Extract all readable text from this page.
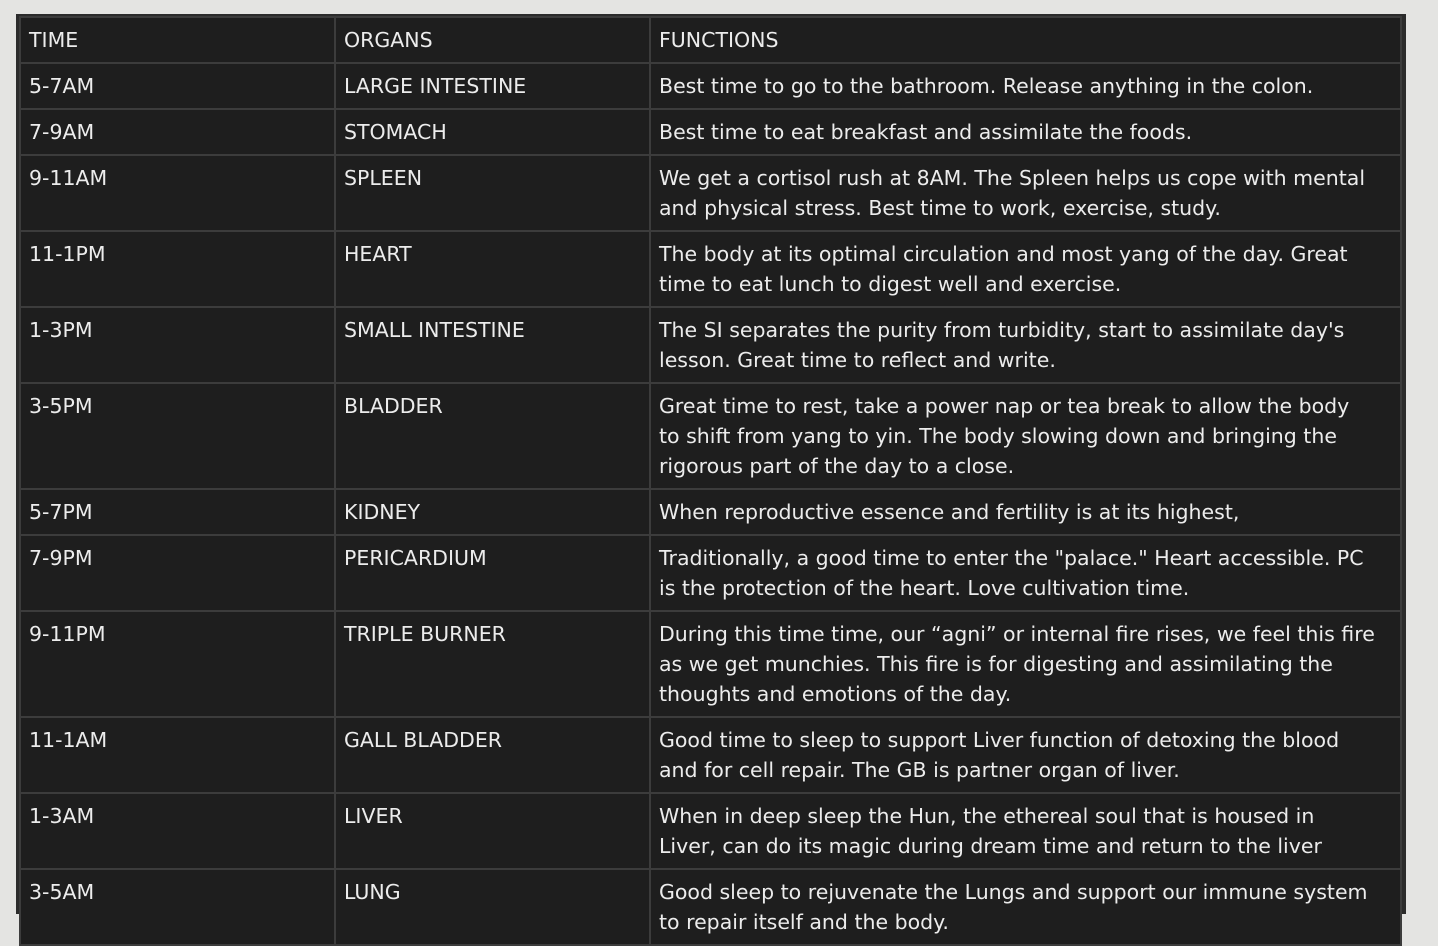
TIME	ORGANS	FUNCTIONS
5-7AM	LARGE INTESTINE	Best time to go to the bathroom. Release anything in the colon.
7-9AM	STOMACH	Best time to eat breakfast and assimilate the foods.
9-11AM	SPLEEN	We get a cortisol rush at 8AM. The Spleen helps us cope with mental
and physical stress. Best time to work, exercise, study.
11-1PM	HEART	The body at its optimal circulation and most yang of the day. Great
time to eat lunch to digest well and exercise.
1-3PM	SMALL INTESTINE	The SI separates the purity from turbidity, start to assimilate day's
lesson. Great time to reflect and write.
3-5PM	BLADDER	Great time to rest, take a power nap or tea break to allow the body
to shift from yang to yin. The body slowing down and bringing the
rigorous part of the day to a close.
5-7PM	KIDNEY	When reproductive essence and fertility is at its highest,
7-9PM	PERICARDIUM	Traditionally, a good time to enter the "palace." Heart accessible. PC
is the protection of the heart. Love cultivation time.
9-11PM	TRIPLE BURNER	During this time time, our “agni” or internal fire rises, we feel this fire
as we get munchies. This fire is for digesting and assimilating the
thoughts and emotions of the day.
11-1AM	GALL BLADDER	Good time to sleep to support Liver function of detoxing the blood
and for cell repair. The GB is partner organ of liver.
1-3AM	LIVER	When in deep sleep the Hun, the ethereal soul that is housed in
Liver, can do its magic during dream time and return to the liver
3-5AM	LUNG	Good sleep to rejuvenate the Lungs and support our immune system
to repair itself and the body.
